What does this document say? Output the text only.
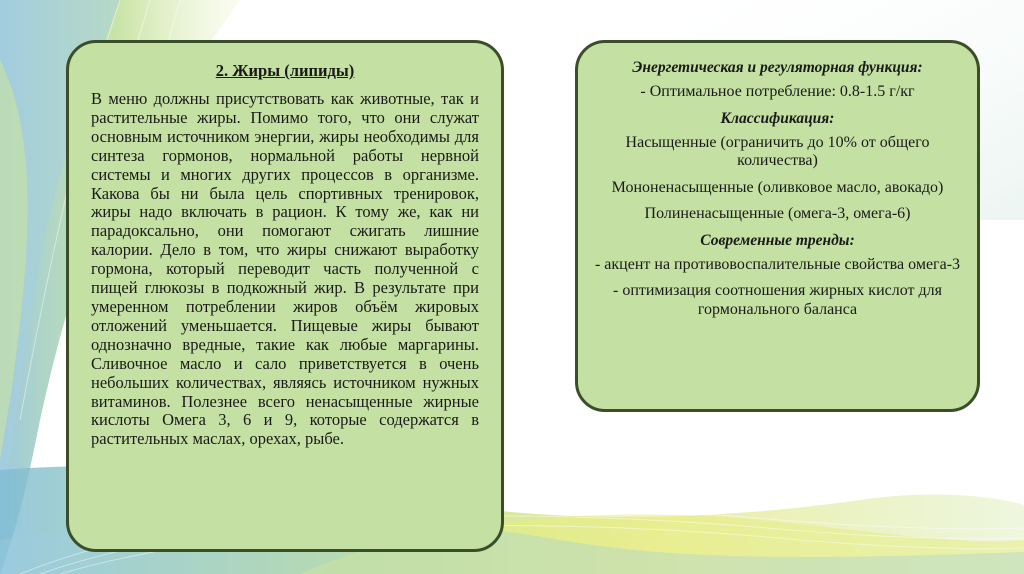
2. Жиры (липиды)

В меню должны присутствовать как животные, так и растительные жиры. Помимо того, что они служат основным источником энергии, жиры необходимы для синтеза гормонов, нормальной работы нервной системы и многих других процессов в организме. Какова бы ни была цель спортивных тренировок, жиры надо включать в рацион. К тому же, как ни парадоксально, они помогают сжигать лишние калории. Дело в том, что жиры снижают выработку гормона, который переводит часть полученной с пищей глюкозы в подкожный жир. В результате при умеренном потреблении жиров объём жировых отложений уменьшается. Пищевые жиры бывают однозначно вредные, такие как любые маргарины. Сливочное масло и сало приветствуется в очень небольших количествах, являясь источником нужных витаминов. Полезнее всего ненасыщенные жирные кислоты Омега 3, 6 и 9, которые содержатся в растительных маслах, орехах, рыбе.

Энергетическая и регуляторная функция:

- Оптимальное потребление: 0.8-1.5 г/кг

Классификация:

Насыщенные (ограничить до 10% от общего количества)

Мононенасыщенные (оливковое масло, авокадо)

Полиненасыщенные (омега-3, омега-6)

Современные тренды:

- акцент на противовоспалительные свойства омега-3

- оптимизация соотношения жирных кислот для гормонального баланса
